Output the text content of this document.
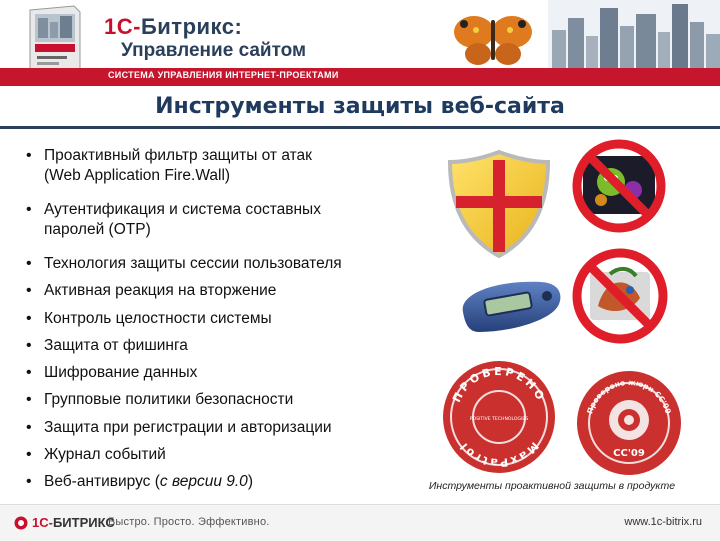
1С-Битрикс:
Управление сайтом
СИСТЕМА УПРАВЛЕНИЯ ИНТЕРНЕТ-ПРОЕКТАМИ
Инструменты защиты веб-сайта
• Проактивный фильтр защиты от атак
(Web Application Fire.Wall)
• Аутентификация и система составных
паролей (OTP)
• Технология защиты сессии пользователя
• Активная реакция на вторжение
• Контроль целостности системы
• Защита от фишинга
• Шифрование данных
• Групповые политики безопасности
• Защита при регистрации и авторизации
• Журнал событий
• Веб-антивирус (с версии 9.0)
ПРОВЕРЕНО
MaxPatrol
POSITIVE TECHNOLOGIES
Проверено жюри CC'09
CC'09
Инструменты проактивной защиты в продукте
1С-БИТРИКС
Быстро. Просто. Эффективно.	www.1c-bitrix.ru
